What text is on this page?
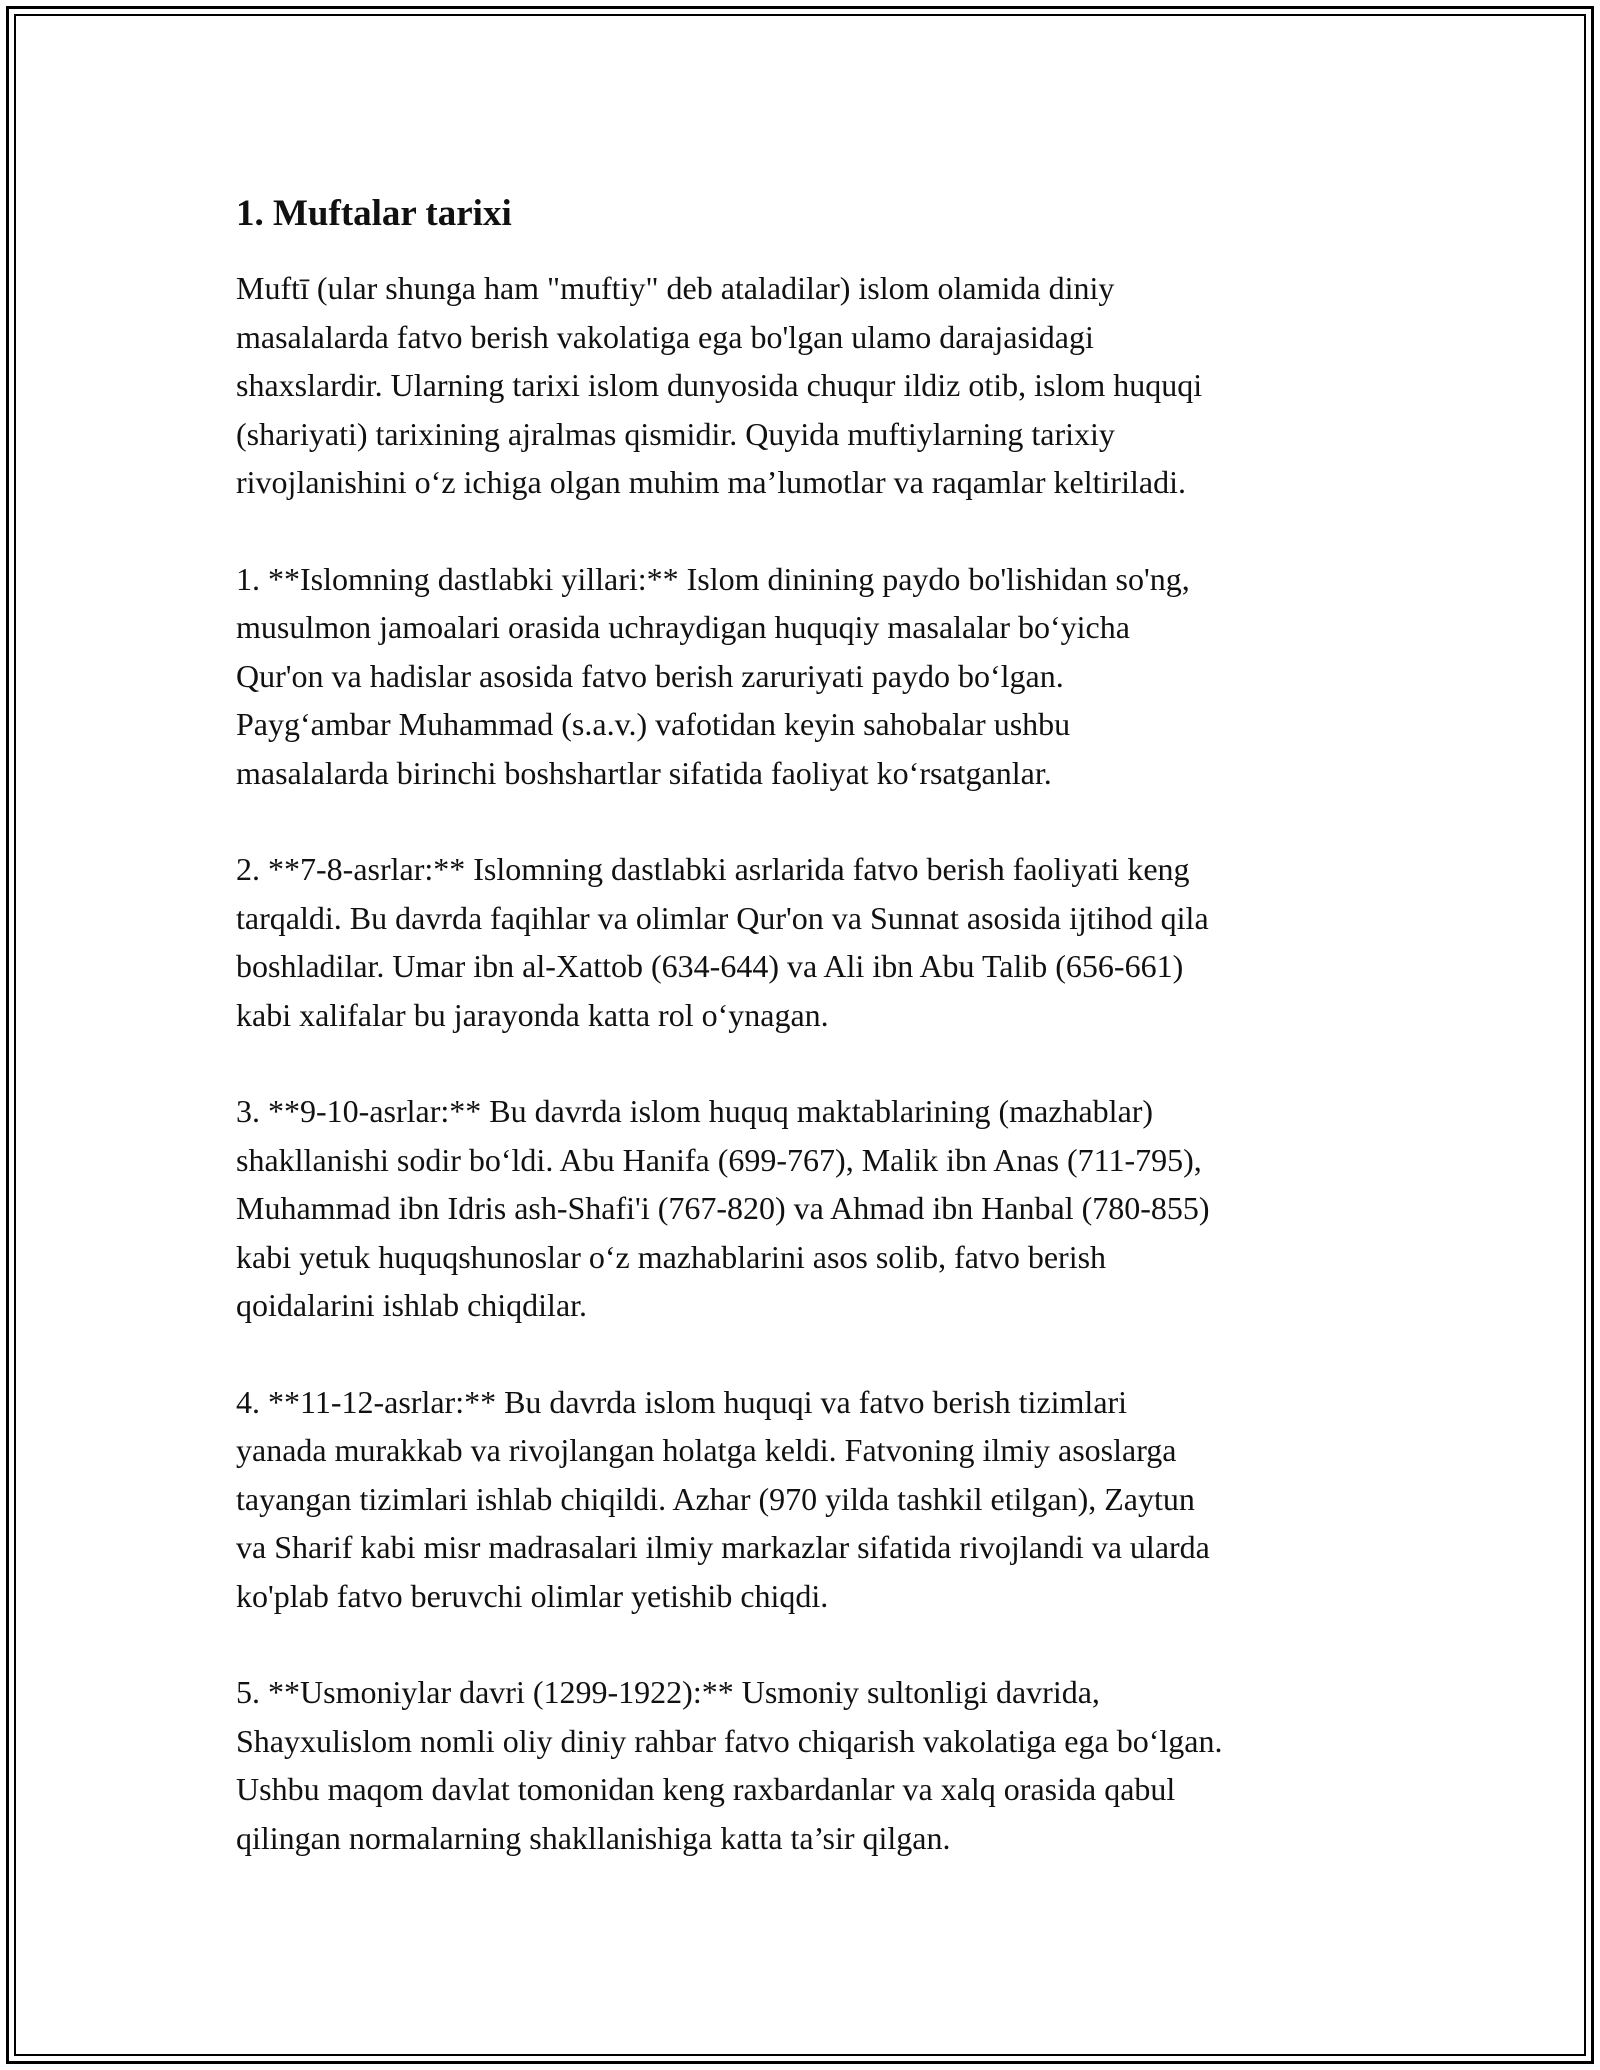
1. Muftalar tarixi

Muftī (ular shunga ham "muftiy" deb ataladilar) islom olamida diniy
masalalarda fatvo berish vakolatiga ega bo'lgan ulamo darajasidagi
shaxslardir. Ularning tarixi islom dunyosida chuqur ildiz otib, islom huquqi
(shariyati) tarixining ajralmas qismidir. Quyida muftiylarning tarixiy
rivojlanishini o‘z ichiga olgan muhim ma’lumotlar va raqamlar keltiriladi.

1. **Islomning dastlabki yillari:** Islom dinining paydo bo'lishidan so'ng,
musulmon jamoalari orasida uchraydigan huquqiy masalalar bo‘yicha
Qur'on va hadislar asosida fatvo berish zaruriyati paydo bo‘lgan.
Payg‘ambar Muhammad (s.a.v.) vafotidan keyin sahobalar ushbu
masalalarda birinchi boshshartlar sifatida faoliyat ko‘rsatganlar.

2. **7-8-asrlar:** Islomning dastlabki asrlarida fatvo berish faoliyati keng
tarqaldi. Bu davrda faqihlar va olimlar Qur'on va Sunnat asosida ijtihod qila
boshladilar. Umar ibn al-Xattob (634-644) va Ali ibn Abu Talib (656-661)
kabi xalifalar bu jarayonda katta rol o‘ynagan.

3. **9-10-asrlar:** Bu davrda islom huquq maktablarining (mazhablar)
shakllanishi sodir bo‘ldi. Abu Hanifa (699-767), Malik ibn Anas (711-795),
Muhammad ibn Idris ash-Shafi'i (767-820) va Ahmad ibn Hanbal (780-855)
kabi yetuk huquqshunoslar o‘z mazhablarini asos solib, fatvo berish
qoidalarini ishlab chiqdilar.

4. **11-12-asrlar:** Bu davrda islom huquqi va fatvo berish tizimlari
yanada murakkab va rivojlangan holatga keldi. Fatvoning ilmiy asoslarga
tayangan tizimlari ishlab chiqildi. Azhar (970 yilda tashkil etilgan), Zaytun
va Sharif kabi misr madrasalari ilmiy markazlar sifatida rivojlandi va ularda
ko'plab fatvo beruvchi olimlar yetishib chiqdi.

5. **Usmoniylar davri (1299-1922):** Usmoniy sultonligi davrida,
Shayxulislom nomli oliy diniy rahbar fatvo chiqarish vakolatiga ega bo‘lgan.
Ushbu maqom davlat tomonidan keng raxbardanlar va xalq orasida qabul
qilingan normalarning shakllanishiga katta ta’sir qilgan.
